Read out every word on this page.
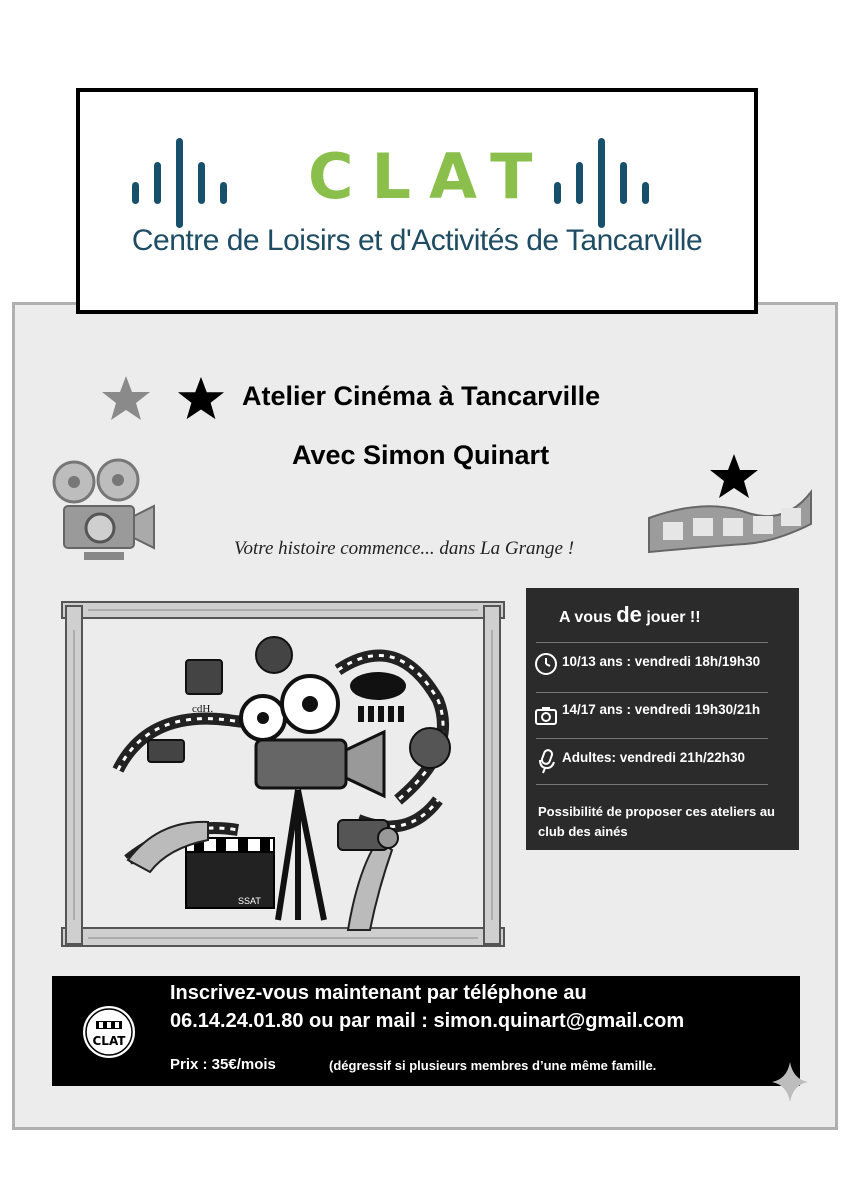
CLAT
Centre de Loisirs et d'Activités de Tancarville
Atelier Cinéma à Tancarville
Avec Simon Quinart
Votre histoire commence... dans La Grange !
SSAT
cdH.
A vous de jouer !!
10/13 ans : vendredi 18h/19h30
14/17 ans : vendredi 19h30/21h
Adultes: vendredi 21h/22h30
Possibilité de proposer ces ateliers au club des ainés
CLAT
Inscrivez-vous maintenant par téléphone au
06.14.24.01.80 ou par mail : simon.quinart@gmail.com
Prix : 35€/mois	(dégressif si plusieurs membres d’une même famille.
